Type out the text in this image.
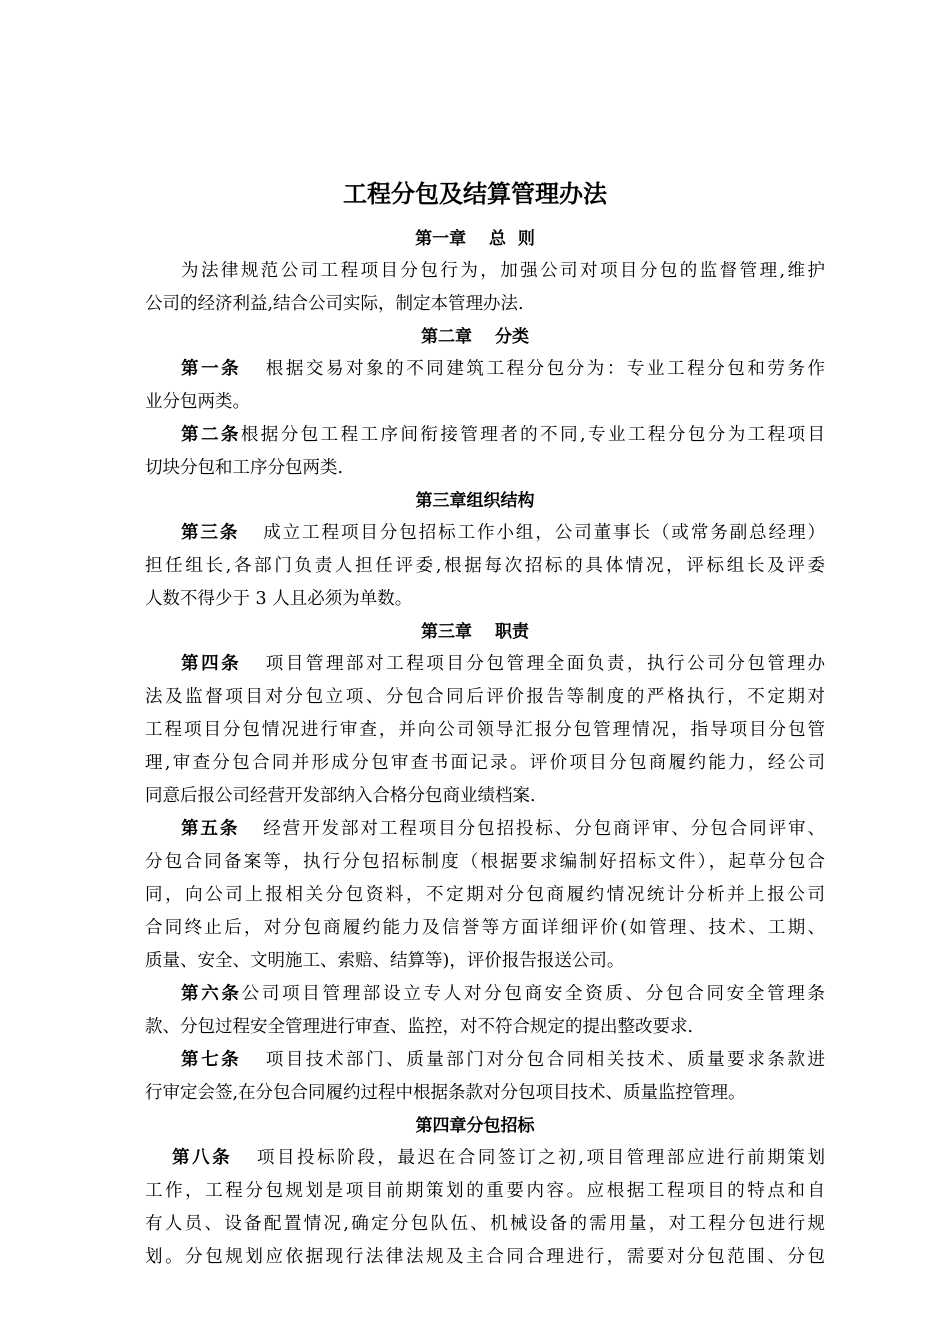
工程分包及结算管理办法
第一章　 总  则
为法律规范公司工程项目分包行为，加强公司对项目分包的监督管理,维护
公司的经济利益,结合公司实际，制定本管理办法.
第二章　 分类
第一条 根据交易对象的不同建筑工程分包分为：专业工程分包和劳务作
业分包两类。
第二条根据分包工程工序间衔接管理者的不同,专业工程分包分为工程项目
切块分包和工序分包两类.
第三章组织结构
第三条 成立工程项目分包招标工作小组，公司董事长（或常务副总经理）
担任组长,各部门负责人担任评委,根据每次招标的具体情况，评标组长及评委
人数不得少于 3 人且必须为单数。
第三章　 职责
第四条 项目管理部对工程项目分包管理全面负责，执行公司分包管理办
法及监督项目对分包立项、分包合同后评价报告等制度的严格执行，不定期对
工程项目分包情况进行审查，并向公司领导汇报分包管理情况，指导项目分包管
理,审查分包合同并形成分包审查书面记录。评价项目分包商履约能力，经公司
同意后报公司经营开发部纳入合格分包商业绩档案.
第五条 经营开发部对工程项目分包招投标、分包商评审、分包合同评审、
分包合同备案等，执行分包招标制度（根据要求编制好招标文件），起草分包合
同，向公司上报相关分包资料，不定期对分包商履约情况统计分析并上报公司
合同终止后，对分包商履约能力及信誉等方面详细评价(如管理、技术、工期、
质量、安全、文明施工、索赔、结算等)，评价报告报送公司。
第六条公司项目管理部设立专人对分包商安全资质、分包合同安全管理条
款、分包过程安全管理进行审查、监控，对不符合规定的提出整改要求.
第七条 项目技术部门、质量部门对分包合同相关技术、质量要求条款进
行审定会签,在分包合同履约过程中根据条款对分包项目技术、质量监控管理。
第四章分包招标
第八条 项目投标阶段，最迟在合同签订之初,项目管理部应进行前期策划
工作，工程分包规划是项目前期策划的重要内容。应根据工程项目的特点和自
有人员、设备配置情况,确定分包队伍、机械设备的需用量，对工程分包进行规
划。分包规划应依据现行法律法规及主合同合理进行，需要对分包范围、分包
